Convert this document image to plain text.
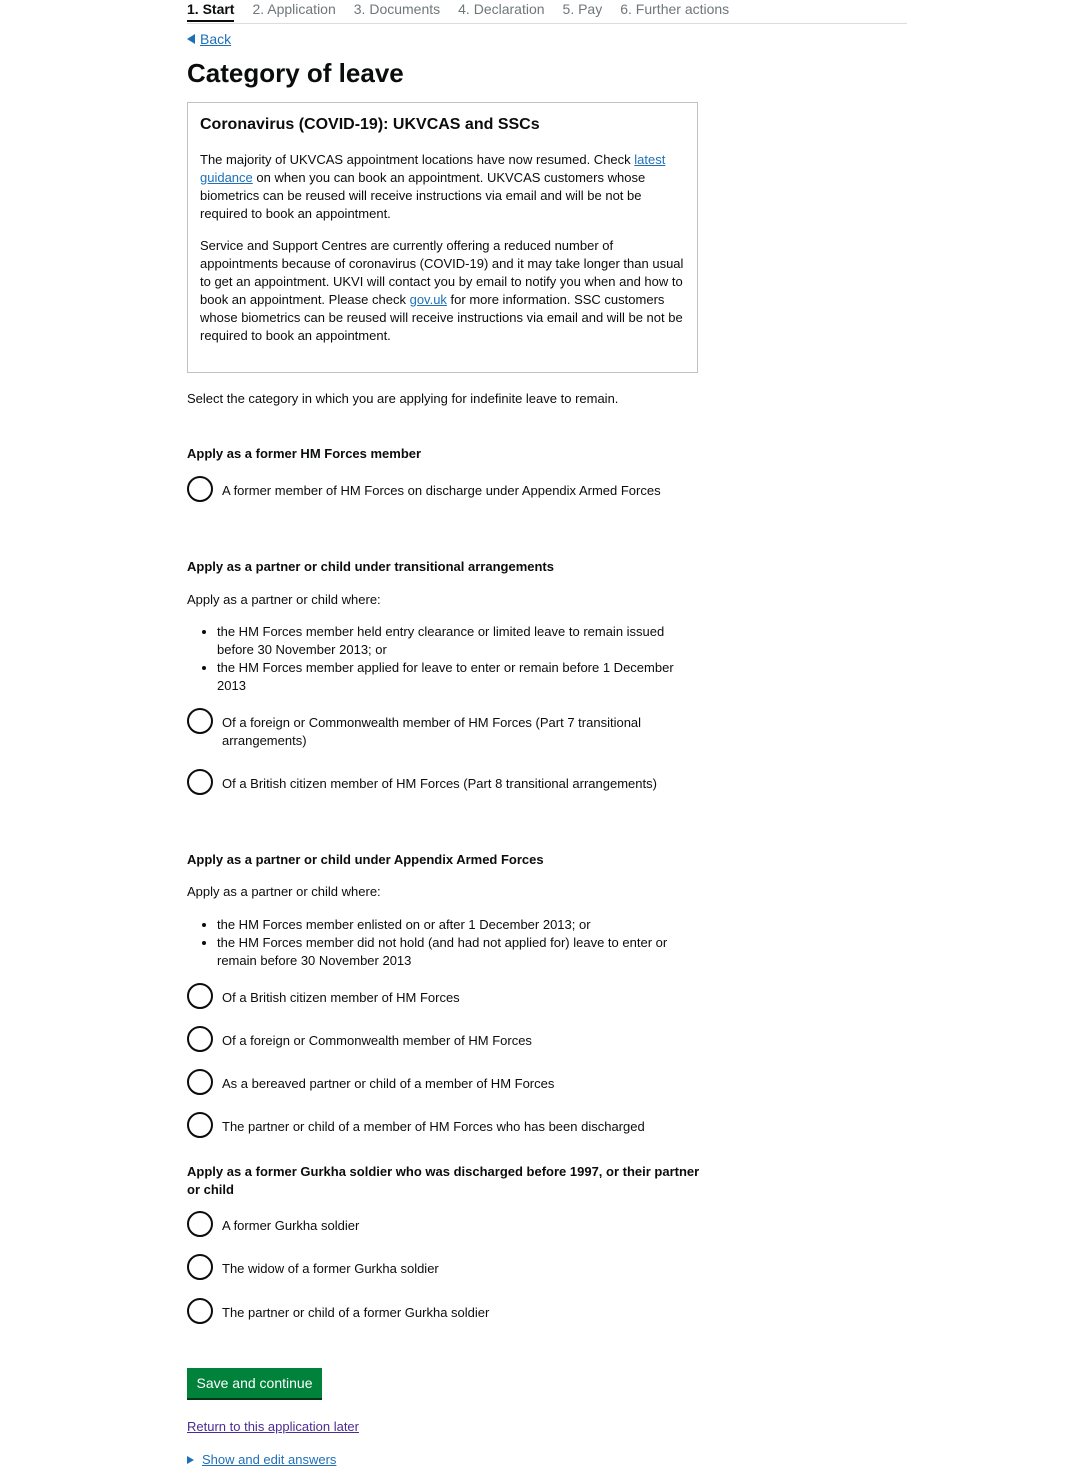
1. Start 2. Application 3. Documents 4. Declaration 5. Pay 6. Further actions
Back
Category of leave
Coronavirus (COVID-19): UKVCAS and SSCs

The majority of UKVCAS appointment locations have now resumed. Check latest guidance on when you can book an appointment. UKVCAS customers whose biometrics can be reused will receive instructions via email and will be not be required to book an appointment.

Service and Support Centres are currently offering a reduced number of appointments because of coronavirus (COVID-19) and it may take longer than usual to get an appointment. UKVI will contact you by email to notify you when and how to book an appointment. Please check gov.uk for more information. SSC customers whose biometrics can be reused will receive instructions via email and will be not be required to book an appointment.

Select the category in which you are applying for indefinite leave to remain.

Apply as a former HM Forces member

A former member of HM Forces on discharge under Appendix Armed Forces

Apply as a partner or child under transitional arrangements

Apply as a partner or child where:

• the HM Forces member held entry clearance or limited leave to remain issued before 30 November 2013; or
• the HM Forces member applied for leave to enter or remain before 1 December 2013
Of a foreign or Commonwealth member of HM Forces (Part 7 transitional arrangements)
Of a British citizen member of HM Forces (Part 8 transitional arrangements)

Apply as a partner or child under Appendix Armed Forces

Apply as a partner or child where:

• the HM Forces member enlisted on or after 1 December 2013; or
• the HM Forces member did not hold (and had not applied for) leave to enter or remain before 30 November 2013
Of a British citizen member of HM Forces
Of a foreign or Commonwealth member of HM Forces
As a bereaved partner or child of a member of HM Forces
The partner or child of a member of HM Forces who has been discharged

Apply as a former Gurkha soldier who was discharged before 1997, or their partner or child

A former Gurkha soldier
The widow of a former Gurkha soldier
The partner or child of a former Gurkha soldier
Save and continue
Return to this application later
Show and edit answers
